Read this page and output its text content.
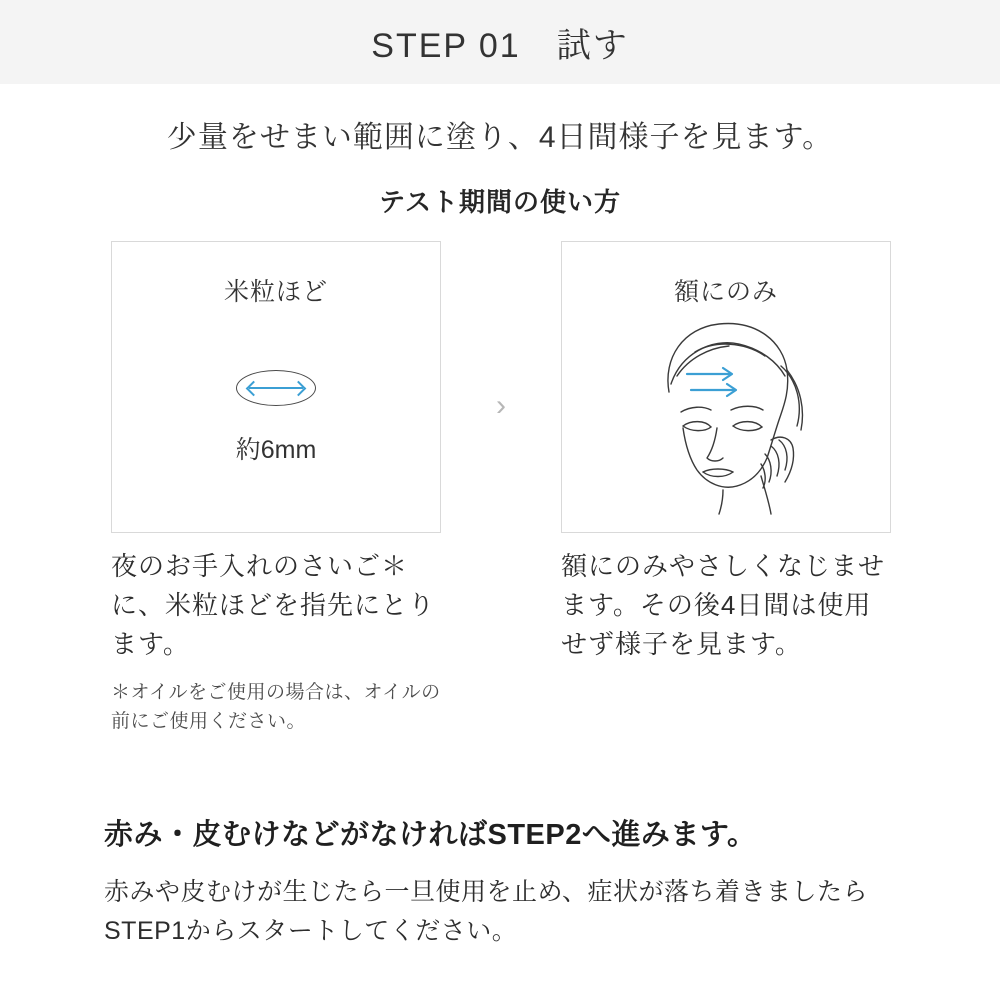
STEP 01　試す
少量をせまい範囲に塗り、4日間様子を見ます。
テスト期間の使い方
米粒ほど
約6mm
夜のお手入れのさいご＊に、米粒ほどを指先にとります。
＊オイルをご使用の場合は、オイルの前にご使用ください。
›
額にのみ
額にのみやさしくなじませます。その後4日間は使用せず様子を見ます。
赤み・皮むけなどがなければSTEP2へ進みます。
赤みや皮むけが生じたら一旦使用を止め、症状が落ち着きましたらSTEP1からスタートしてください。
